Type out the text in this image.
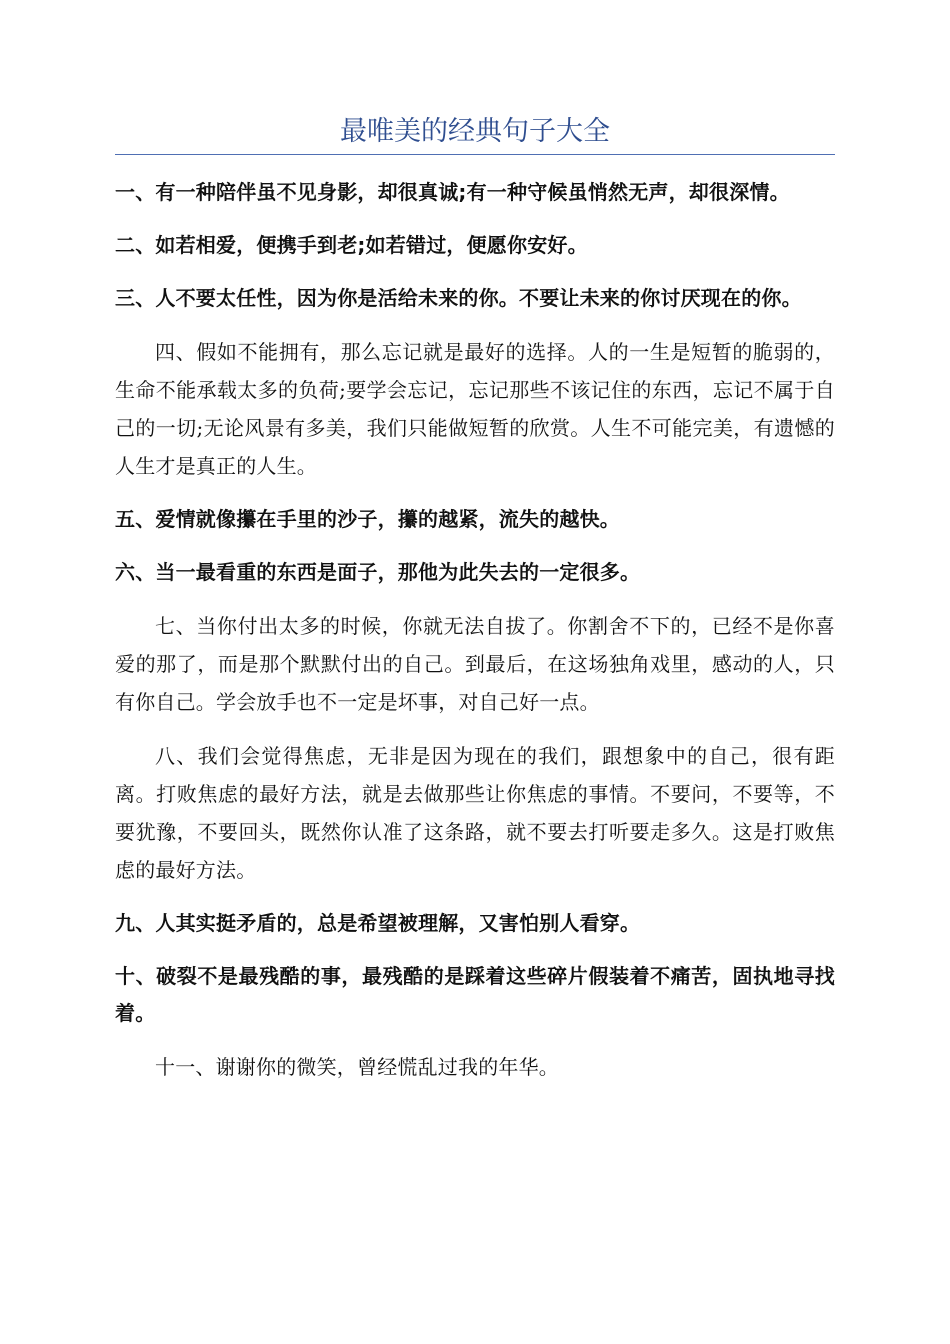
最唯美的经典句子大全

一、有一种陪伴虽不见身影，却很真诚;有一种守候虽悄然无声，却很深情。

二、如若相爱，便携手到老;如若错过，便愿你安好。

三、人不要太任性，因为你是活给未来的你。不要让未来的你讨厌现在的你。

四、假如不能拥有，那么忘记就是最好的选择。人的一生是短暂的脆弱的，生命不能承载太多的负荷;要学会忘记，忘记那些不该记住的东西，忘记不属于自己的一切;无论风景有多美，我们只能做短暂的欣赏。人生不可能完美，有遗憾的人生才是真正的人生。

五、爱情就像攥在手里的沙子，攥的越紧，流失的越快。

六、当一最看重的东西是面子，那他为此失去的一定很多。

七、当你付出太多的时候，你就无法自拔了。你割舍不下的，已经不是你喜爱的那了，而是那个默默付出的自己。到最后，在这场独角戏里，感动的人，只有你自己。学会放手也不一定是坏事，对自己好一点。

八、我们会觉得焦虑，无非是因为现在的我们，跟想象中的自己，很有距离。打败焦虑的最好方法，就是去做那些让你焦虑的事情。不要问，不要等，不要犹豫，不要回头，既然你认准了这条路，就不要去打听要走多久。这是打败焦虑的最好方法。

九、人其实挺矛盾的，总是希望被理解，又害怕别人看穿。

十、破裂不是最残酷的事，最残酷的是踩着这些碎片假装着不痛苦，固执地寻找着。

十一、谢谢你的微笑，曾经慌乱过我的年华。
